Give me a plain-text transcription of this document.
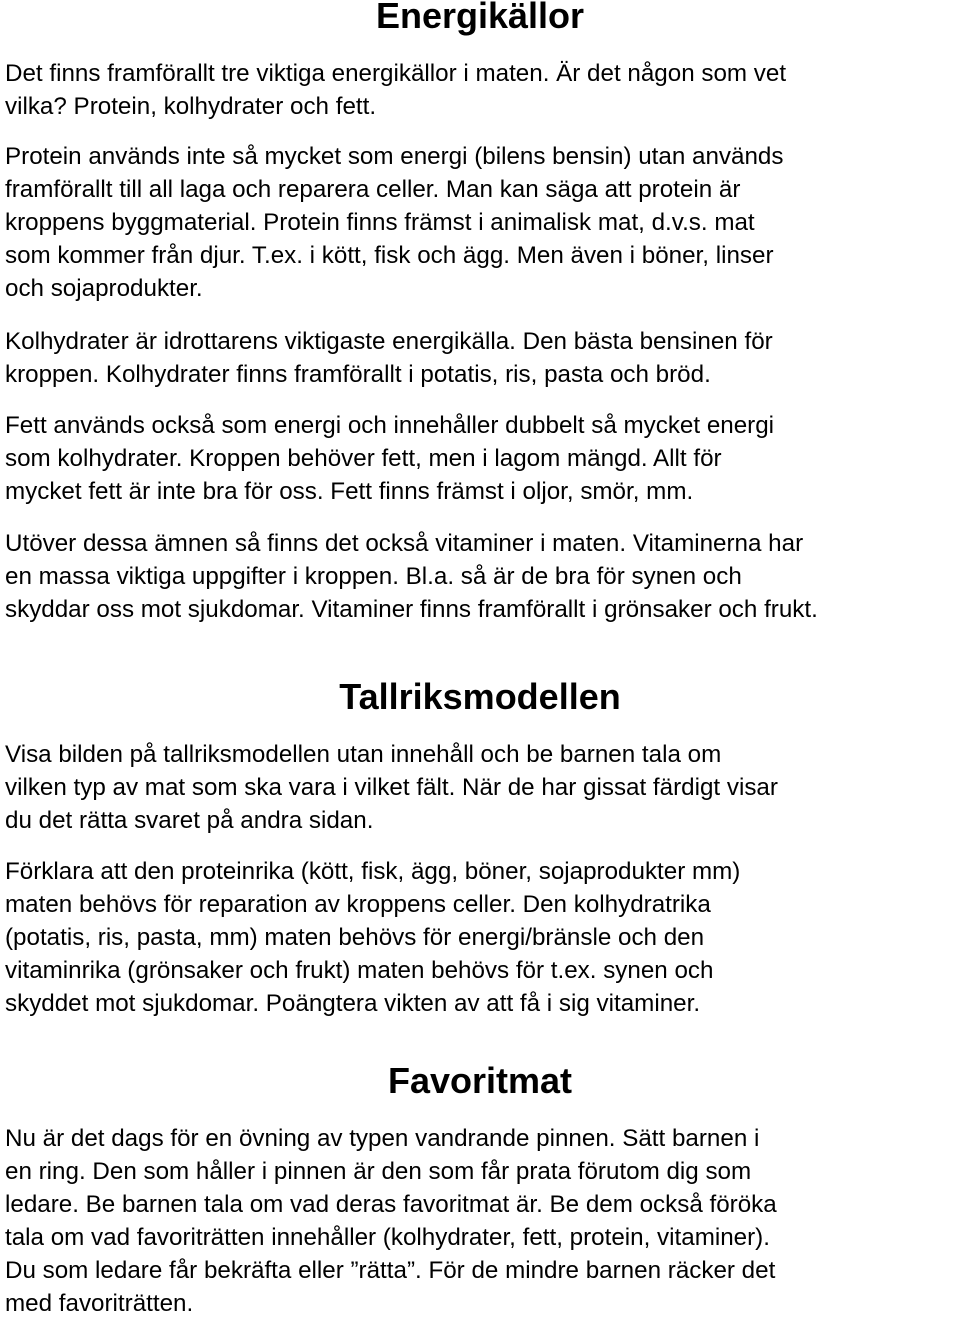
Energikällor

Det finns framförallt tre viktiga energikällor i maten. Är det någon som vet
vilka? Protein, kolhydrater och fett.

Protein används inte så mycket som energi (bilens bensin) utan används
framförallt till all laga och reparera celler. Man kan säga att protein är
kroppens byggmaterial. Protein finns främst i animalisk mat, d.v.s. mat
som kommer från djur. T.ex. i kött, fisk och ägg. Men även i böner, linser
och sojaprodukter.

Kolhydrater är idrottarens viktigaste energikälla. Den bästa bensinen för
kroppen. Kolhydrater finns framförallt i potatis, ris, pasta och bröd.

Fett används också som energi och innehåller dubbelt så mycket energi
som kolhydrater. Kroppen behöver fett, men i lagom mängd. Allt för
mycket fett är inte bra för oss. Fett finns främst i oljor, smör, mm.

Utöver dessa ämnen så finns det också vitaminer i maten. Vitaminerna har
en massa viktiga uppgifter i kroppen. Bl.a. så är de bra för synen och
skyddar oss mot sjukdomar. Vitaminer finns framförallt i grönsaker och frukt.

Tallriksmodellen

Visa bilden på tallriksmodellen utan innehåll och be barnen tala om
vilken typ av mat som ska vara i vilket fält. När de har gissat färdigt visar
du det rätta svaret på andra sidan.

Förklara att den proteinrika (kött, fisk, ägg, böner, sojaprodukter mm)
maten behövs för reparation av kroppens celler. Den kolhydratrika
(potatis, ris, pasta, mm) maten behövs för energi/bränsle och den
vitaminrika (grönsaker och frukt) maten behövs för t.ex. synen och
skyddet mot sjukdomar. Poängtera vikten av att få i sig vitaminer.

Favoritmat

Nu är det dags för en övning av typen vandrande pinnen. Sätt barnen i
en ring. Den som håller i pinnen är den som får prata förutom dig som
ledare. Be barnen tala om vad deras favoritmat är. Be dem också föröka
tala om vad favoriträtten innehåller (kolhydrater, fett, protein, vitaminer).
Du som ledare får bekräfta eller ”rätta”. För de mindre barnen räcker det
med favoriträtten.
